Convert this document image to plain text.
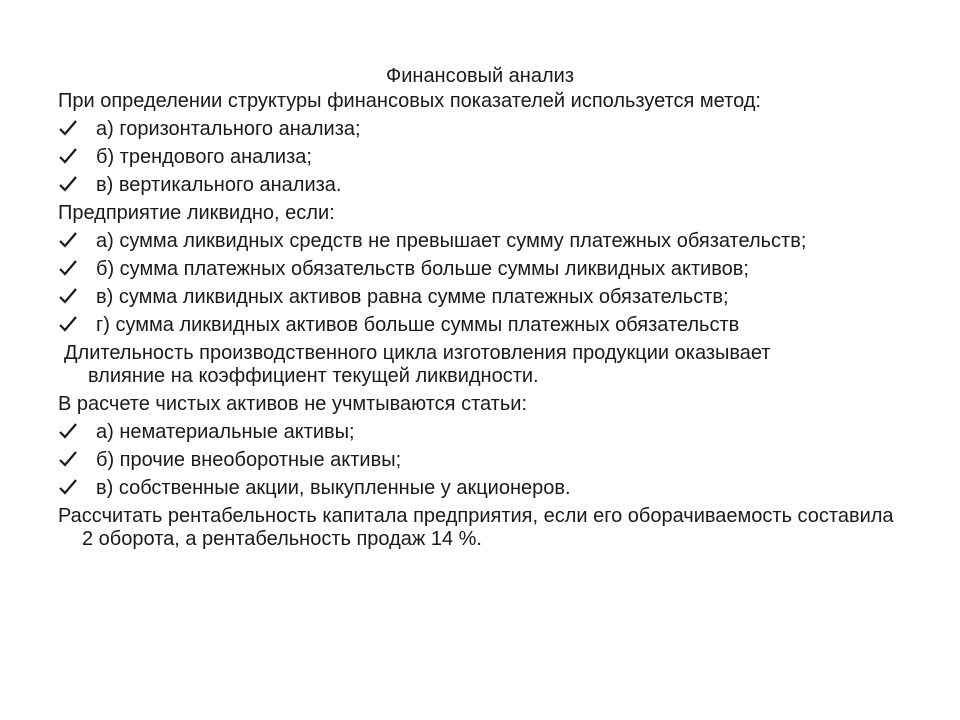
Финансовый анализ
При определении структуры финансовых показателей используется метод:
а) горизонтального анализа;
б) трендового анализа;
в) вертикального анализа.
Предприятие ликвидно, если:
а) сумма ликвидных средств не превышает сумму платежных обязательств;
б) сумма платежных обязательств больше суммы ликвидных активов;
в) сумма ликвидных активов равна сумме платежных обязательств;
г) сумма ликвидных активов больше суммы платежных обязательств
Длительность производственного цикла изготовления продукции оказывает влияние на коэффициент текущей ликвидности.
В расчете чистых активов не учмтываются статьи:
а) нематериальные активы;
б) прочие внеоборотные активы;
в) собственные акции, выкупленные у акционеров.
Рассчитать рентабельность капитала предприятия, если его оборачиваемость составила 2 оборота, а рентабельность продаж 14 %.
